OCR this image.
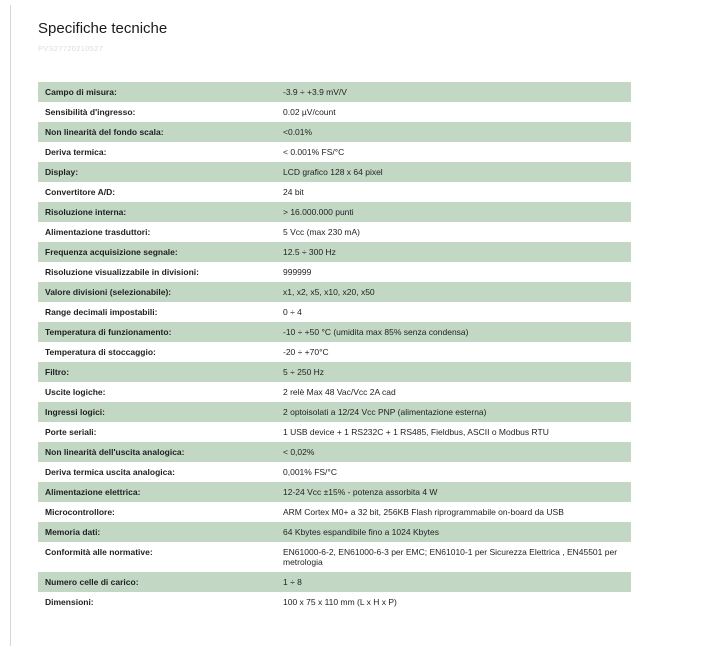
Specifiche tecniche
PVS27720210527
Campo di misura:	-3.9 ÷ +3.9 mV/V
Sensibilità d'ingresso:	0.02 µV/count
Non linearità del fondo scala:	<0.01%
Deriva termica:	< 0.001% FS/°C
Display:	LCD grafico 128 x 64 pixel
Convertitore A/D:	24 bit
Risoluzione interna:	> 16.000.000 punti
Alimentazione trasduttori:	5 Vcc (max 230 mA)
Frequenza acquisizione segnale:	12.5 ÷ 300 Hz
Risoluzione visualizzabile in divisioni:	999999
Valore divisioni (selezionabile):	x1, x2, x5, x10, x20, x50
Range decimali impostabili:	0 ÷ 4
Temperatura di funzionamento:	-10 ÷ +50 °C (umidita max 85% senza condensa)
Temperatura di stoccaggio:	-20 ÷ +70°C
Filtro:	5 ÷ 250 Hz
Uscite logiche:	2 relè Max 48 Vac/Vcc 2A cad
Ingressi logici:	2 optoisolati a 12/24 Vcc PNP (alimentazione esterna)
Porte seriali:	1 USB device + 1 RS232C + 1 RS485, Fieldbus, ASCII o Modbus RTU
Non linearità dell'uscita analogica:	< 0,02%
Deriva termica uscita analogica:	0,001% FS/°C
Alimentazione elettrica:	12-24 Vcc ±15% - potenza assorbita 4 W
Microcontrollore:	ARM Cortex M0+ a 32 bit, 256KB Flash riprogrammabile on-board da USB
Memoria dati:	64 Kbytes espandibile fino a 1024 Kbytes
Conformità alle normative:	EN61000-6-2, EN61000-6-3 per EMC; EN61010-1 per Sicurezza Elettrica , EN45501 per metrologia
Numero celle di carico:	1 ÷ 8
Dimensioni:	100 x 75 x 110 mm (L x H x P)
